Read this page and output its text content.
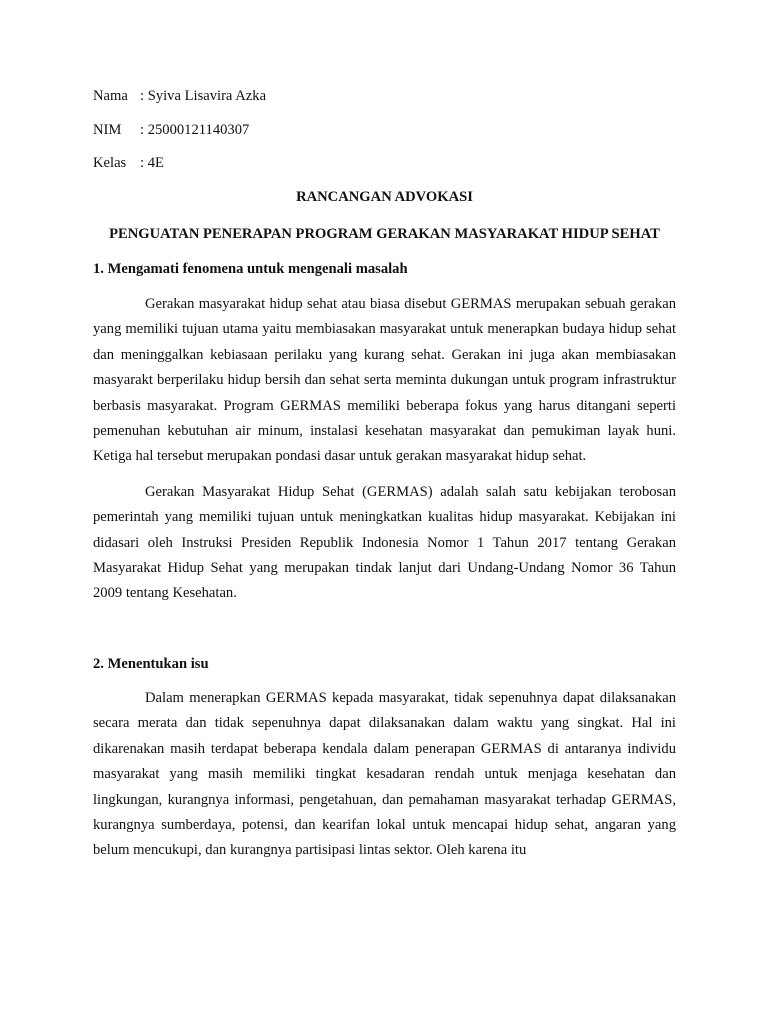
Nama : Syiva Lisavira Azka
NIM	: 25000121140307
Kelas : 4E

RANCANGAN ADVOKASI

PENGUATAN PENERAPAN PROGRAM GERAKAN MASYARAKAT HIDUP SEHAT

1. Mengamati fenomena untuk mengenali masalah

Gerakan masyarakat hidup sehat atau biasa disebut GERMAS merupakan sebuah gerakan yang memiliki tujuan utama yaitu membiasakan masyarakat untuk menerapkan budaya hidup sehat dan meninggalkan kebiasaan perilaku yang kurang sehat. Gerakan ini juga akan membiasakan masyarakt berperilaku hidup bersih dan sehat serta meminta dukungan untuk program infrastruktur berbasis masyarakat. Program GERMAS memiliki beberapa fokus yang harus ditangani seperti pemenuhan kebutuhan air minum, instalasi kesehatan masyarakat dan pemukiman layak huni. Ketiga hal tersebut merupakan pondasi dasar untuk gerakan masyarakat hidup sehat.

Gerakan Masyarakat Hidup Sehat (GERMAS) adalah salah satu kebijakan terobosan pemerintah yang memiliki tujuan untuk meningkatkan kualitas hidup masyarakat. Kebijakan ini didasari oleh Instruksi Presiden Republik Indonesia Nomor 1 Tahun 2017 tentang Gerakan Masyarakat Hidup Sehat yang merupakan tindak lanjut dari Undang-Undang Nomor 36 Tahun 2009 tentang Kesehatan.

2. Menentukan isu

Dalam menerapkan GERMAS kepada masyarakat, tidak sepenuhnya dapat dilaksanakan secara merata dan tidak sepenuhnya dapat dilaksanakan dalam waktu yang singkat. Hal ini dikarenakan masih terdapat beberapa kendala dalam penerapan GERMAS di antaranya individu masyarakat yang masih memiliki tingkat kesadaran rendah untuk menjaga kesehatan dan lingkungan, kurangnya informasi, pengetahuan, dan pemahaman masyarakat terhadap GERMAS, kurangnya sumberdaya, potensi, dan kearifan lokal untuk mencapai hidup sehat, angaran yang belum mencukupi, dan kurangnya partisipasi lintas sektor. Oleh karena itu
